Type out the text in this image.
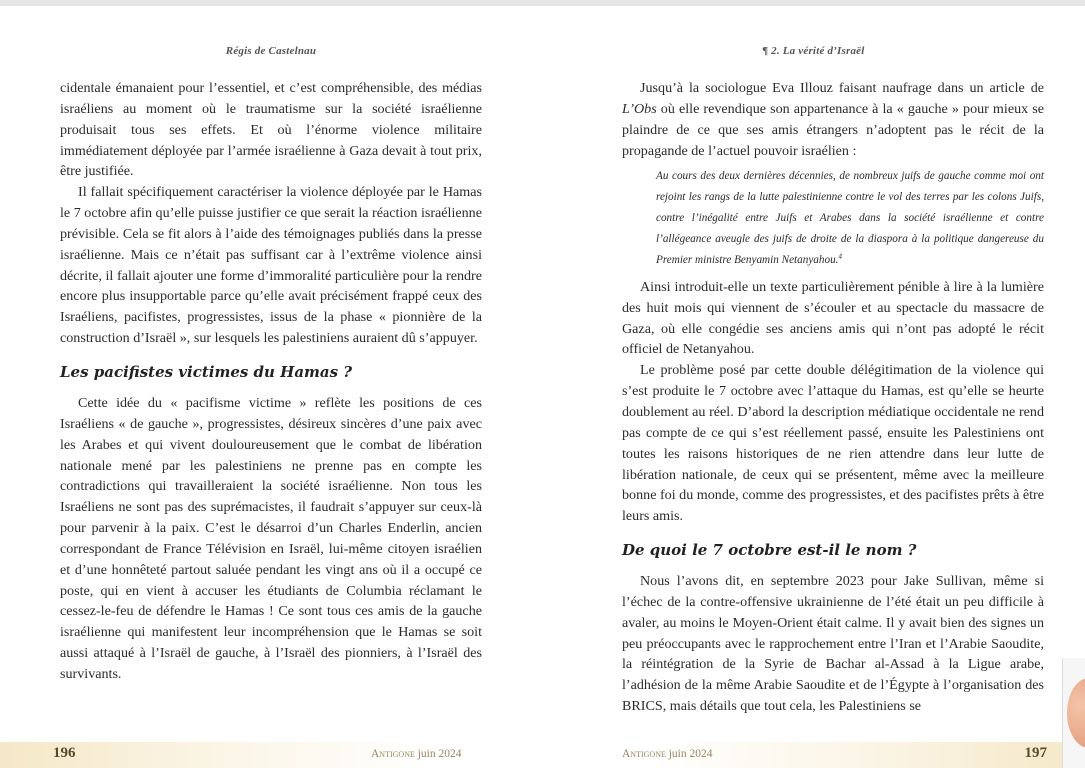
Régis de Castelnau

cidentale émanaient pour l’essentiel, et c’est compréhensible, des médias israéliens au moment où le traumatisme sur la société israélienne produisait tous ses effets. Et où l’énorme violence militaire immédiatement déployée par l’armée israélienne à Gaza devait à tout prix, être justifiée.

Il fallait spécifiquement caractériser la violence déployée par le Hamas le 7 octobre afin qu’elle puisse justifier ce que serait la réaction israélienne prévisible. Cela se fit alors à l’aide des témoignages publiés dans la presse israélienne. Mais ce n’était pas suffisant car à l’extrême violence ainsi décrite, il fallait ajouter une forme d’immoralité particulière pour la rendre encore plus insupportable parce qu’elle avait précisément frappé ceux des Israéliens, pacifistes, progressistes, issus de la phase « pionnière de la construction d’Israël », sur lesquels les palestiniens auraient dû s’appuyer.

Les pacifistes victimes du Hamas ?

Cette idée du « pacifisme victime » reflète les positions de ces Israéliens « de gauche », progressistes, désireux sincères d’une paix avec les Arabes et qui vivent douloureusement que le combat de libération nationale mené par les palestiniens ne prenne pas en compte les contradictions qui travailleraient la société israélienne. Non tous les Israéliens ne sont pas des suprémacistes, il faudrait s’appuyer sur ceux-là pour parvenir à la paix. C’est le désarroi d’un Charles Enderlin, ancien correspondant de France Télévision en Israël, lui-même citoyen israélien et d’une honnêteté partout saluée pendant les vingt ans où il a occupé ce poste, qui en vient à accuser les étudiants de Columbia réclamant le cessez-le-feu de défendre le Hamas ! Ce sont tous ces amis de la gauche israélienne qui manifestent leur incompréhension que le Hamas se soit aussi attaqué à l’Israël de gauche, à l’Israël des pionniers, à l’Israël des survivants.

196	Antigone juin 2024
¶ 2. La vérité d’Israël

Jusqu’à la sociologue Eva Illouz faisant naufrage dans un article de L’Obs où elle revendique son appartenance à la « gauche » pour mieux se plaindre de ce que ses amis étrangers n’adoptent pas le récit de la propagande de l’actuel pouvoir israélien :

Au cours des deux dernières décennies, de nombreux juifs de gauche comme moi ont rejoint les rangs de la lutte palestinienne contre le vol des terres par les colons Juifs, contre l’inégalité entre Juifs et Arabes dans la société israélienne et contre l’allégeance aveugle des juifs de droite de la diaspora à la politique dangereuse du Premier ministre Benyamin Netanyahou.$^4$

Ainsi introduit-elle un texte particulièrement pénible à lire à la lumière des huit mois qui viennent de s’écouler et au spectacle du massacre de Gaza, où elle congédie ses anciens amis qui n’ont pas adopté le récit officiel de Netanyahou.

Le problème posé par cette double délégitimation de la violence qui s’est produite le 7 octobre avec l’attaque du Hamas, est qu’elle se heurte doublement au réel. D’abord la description médiatique occidentale ne rend pas compte de ce qui s’est réellement passé, ensuite les Palestiniens ont toutes les raisons historiques de ne rien attendre dans leur lutte de libération nationale, de ceux qui se présentent, même avec la meilleure bonne foi du monde, comme des progressistes, et des pacifistes prêts à être leurs amis.

De quoi le 7 octobre est-il le nom ?

Nous l’avons dit, en septembre 2023 pour Jake Sullivan, même si l’échec de la contre-offensive ukrainienne de l’été était un peu difficile à avaler, au moins le Moyen-Orient était calme. Il y avait bien des signes un peu préoccupants avec le rapprochement entre l’Iran et l’Arabie Saoudite, la réintégration de la Syrie de Bachar al-Assad à la Ligue arabe, l’adhésion de la même Arabie Saoudite et de l’Égypte à l’organisation des BRICS, mais détails que tout cela, les Palestiniens se

Antigone juin 2024	197
